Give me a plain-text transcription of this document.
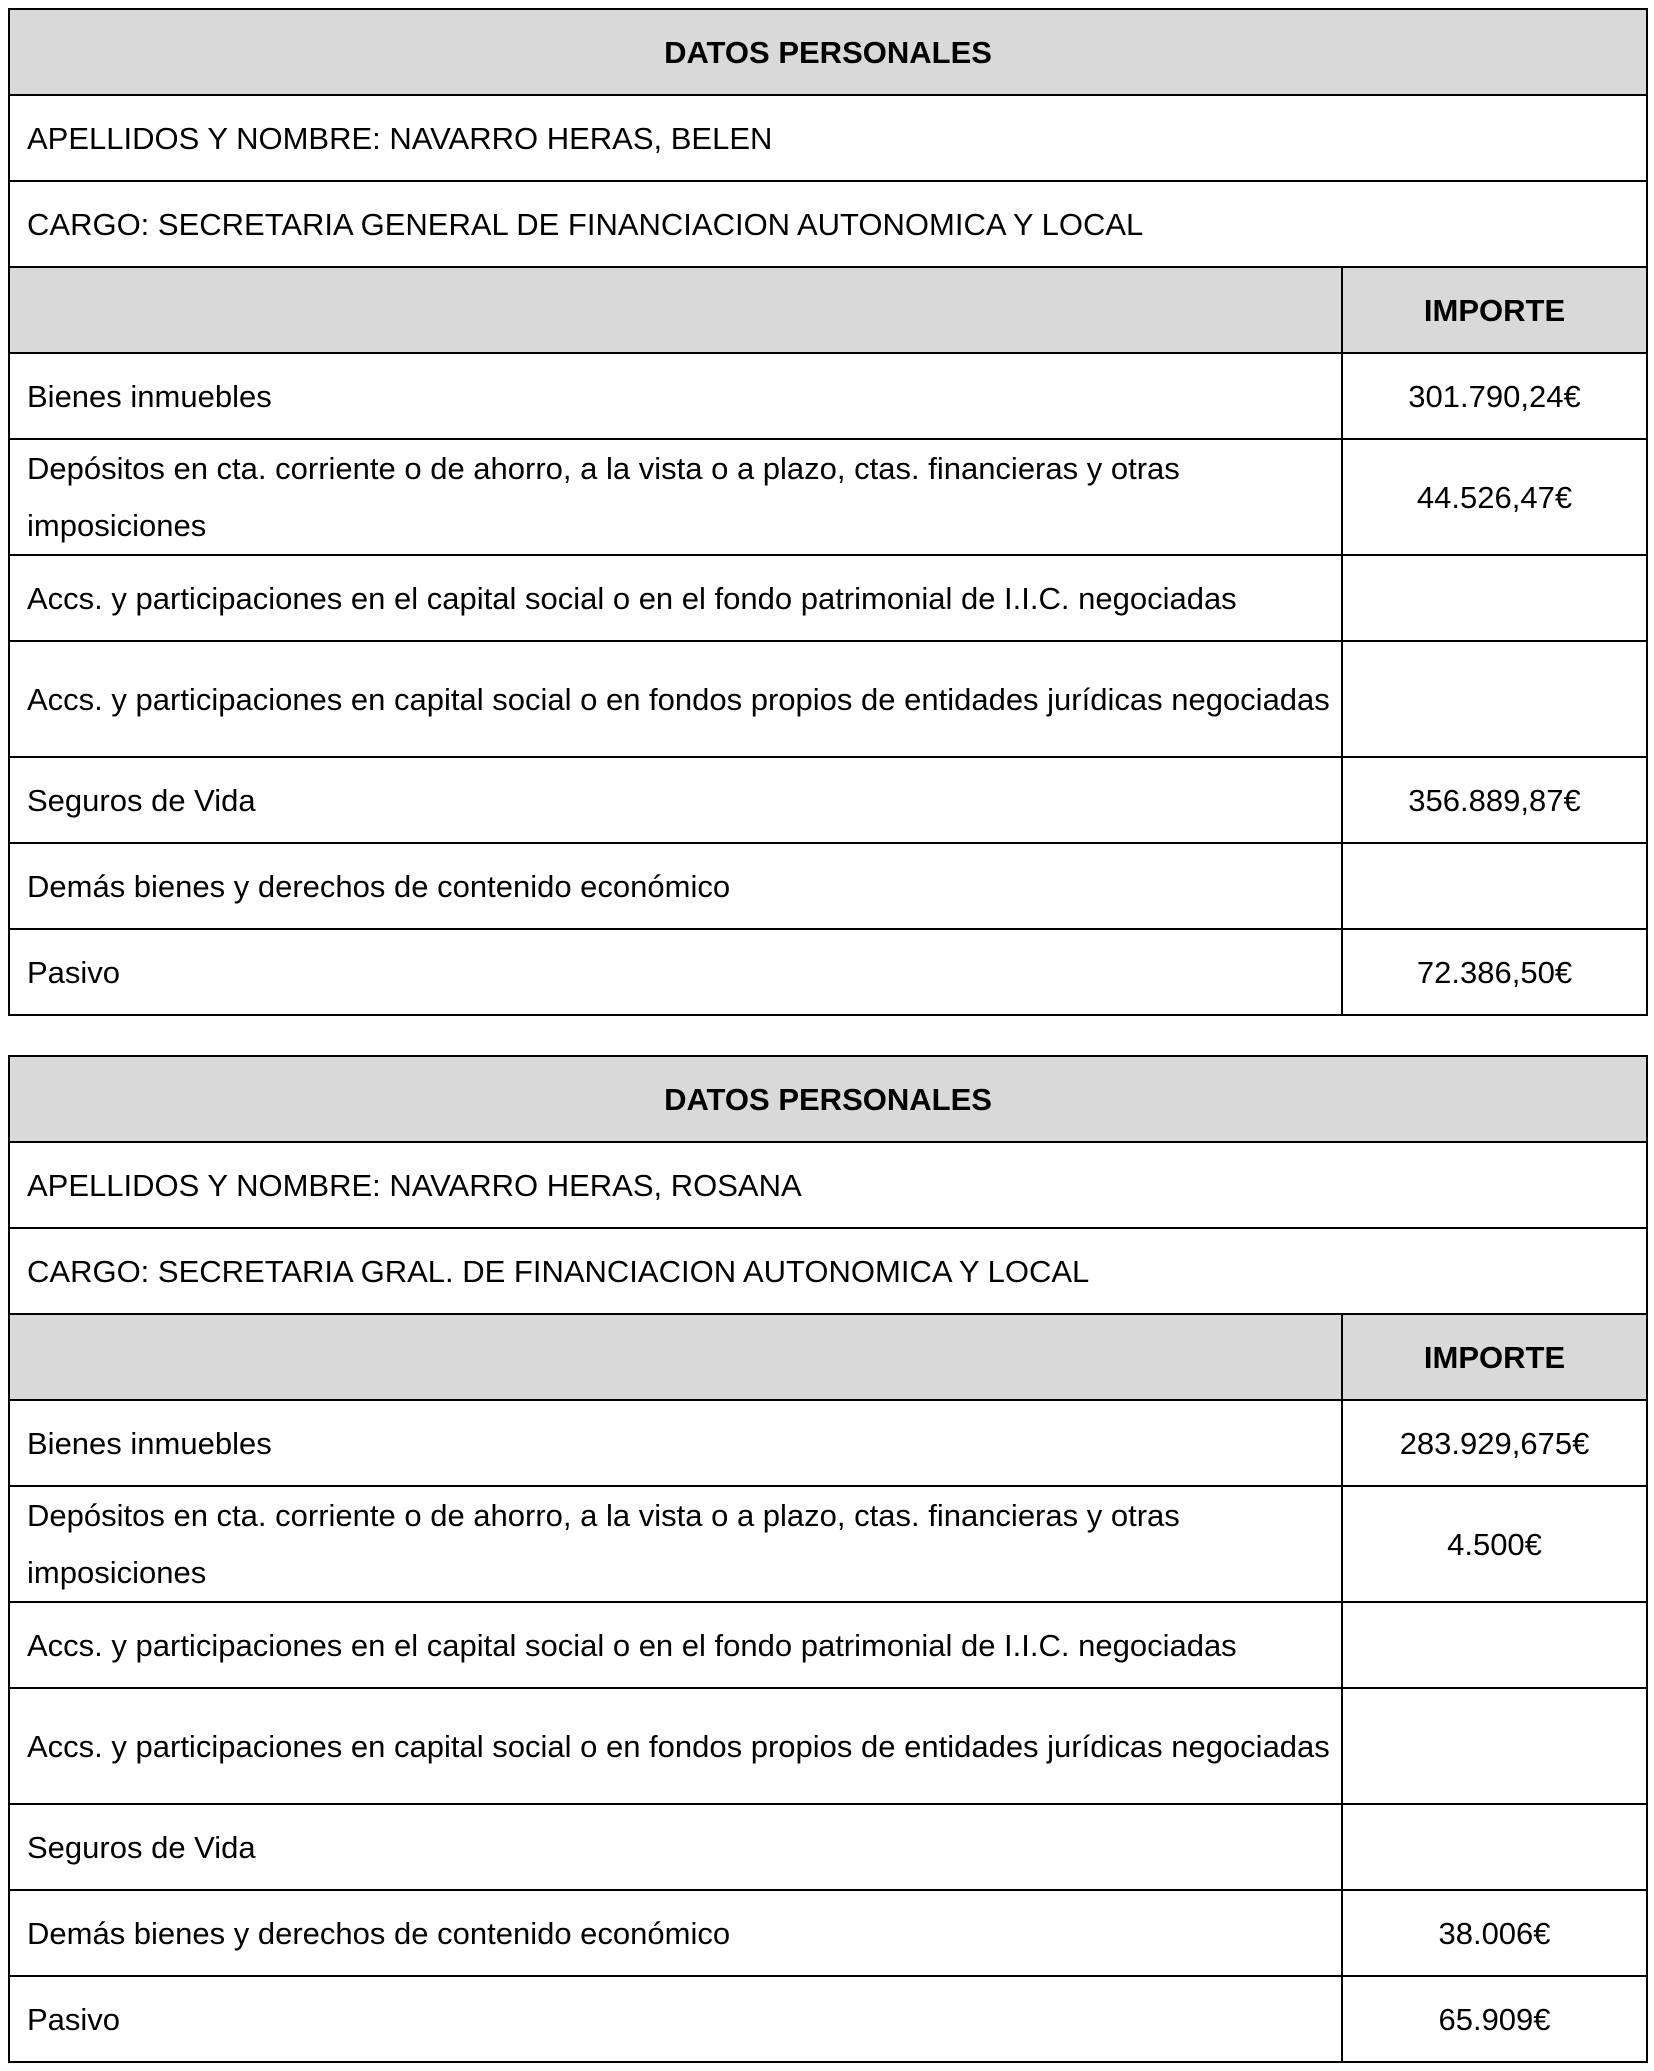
DATOS PERSONALES	
APELLIDOS Y NOMBRE: NAVARRO HERAS, BELEN	
CARGO: SECRETARIA GENERAL DE FINANCIACION AUTONOMICA Y LOCAL	
	IMPORTE
Bienes inmuebles	301.790,24€
Depósitos en cta. corriente o de ahorro, a la vista o a plazo, ctas. financieras y otras imposiciones	44.526,47€
Accs. y participaciones en el capital social o en el fondo patrimonial de I.I.C. negociadas	
Accs. y participaciones en capital social o en fondos propios de entidades jurídicas negociadas	
Seguros de Vida	356.889,87€
Demás bienes y derechos de contenido económico	
Pasivo	72.386,50€
DATOS PERSONALES	
APELLIDOS Y NOMBRE: NAVARRO HERAS, ROSANA	
CARGO: SECRETARIA GRAL. DE FINANCIACION AUTONOMICA Y LOCAL	
	IMPORTE
Bienes inmuebles	283.929,675€
Depósitos en cta. corriente o de ahorro, a la vista o a plazo, ctas. financieras y otras imposiciones	4.500€
Accs. y participaciones en el capital social o en el fondo patrimonial de I.I.C. negociadas	
Accs. y participaciones en capital social o en fondos propios de entidades jurídicas negociadas	
Seguros de Vida	
Demás bienes y derechos de contenido económico	38.006€
Pasivo	65.909€
